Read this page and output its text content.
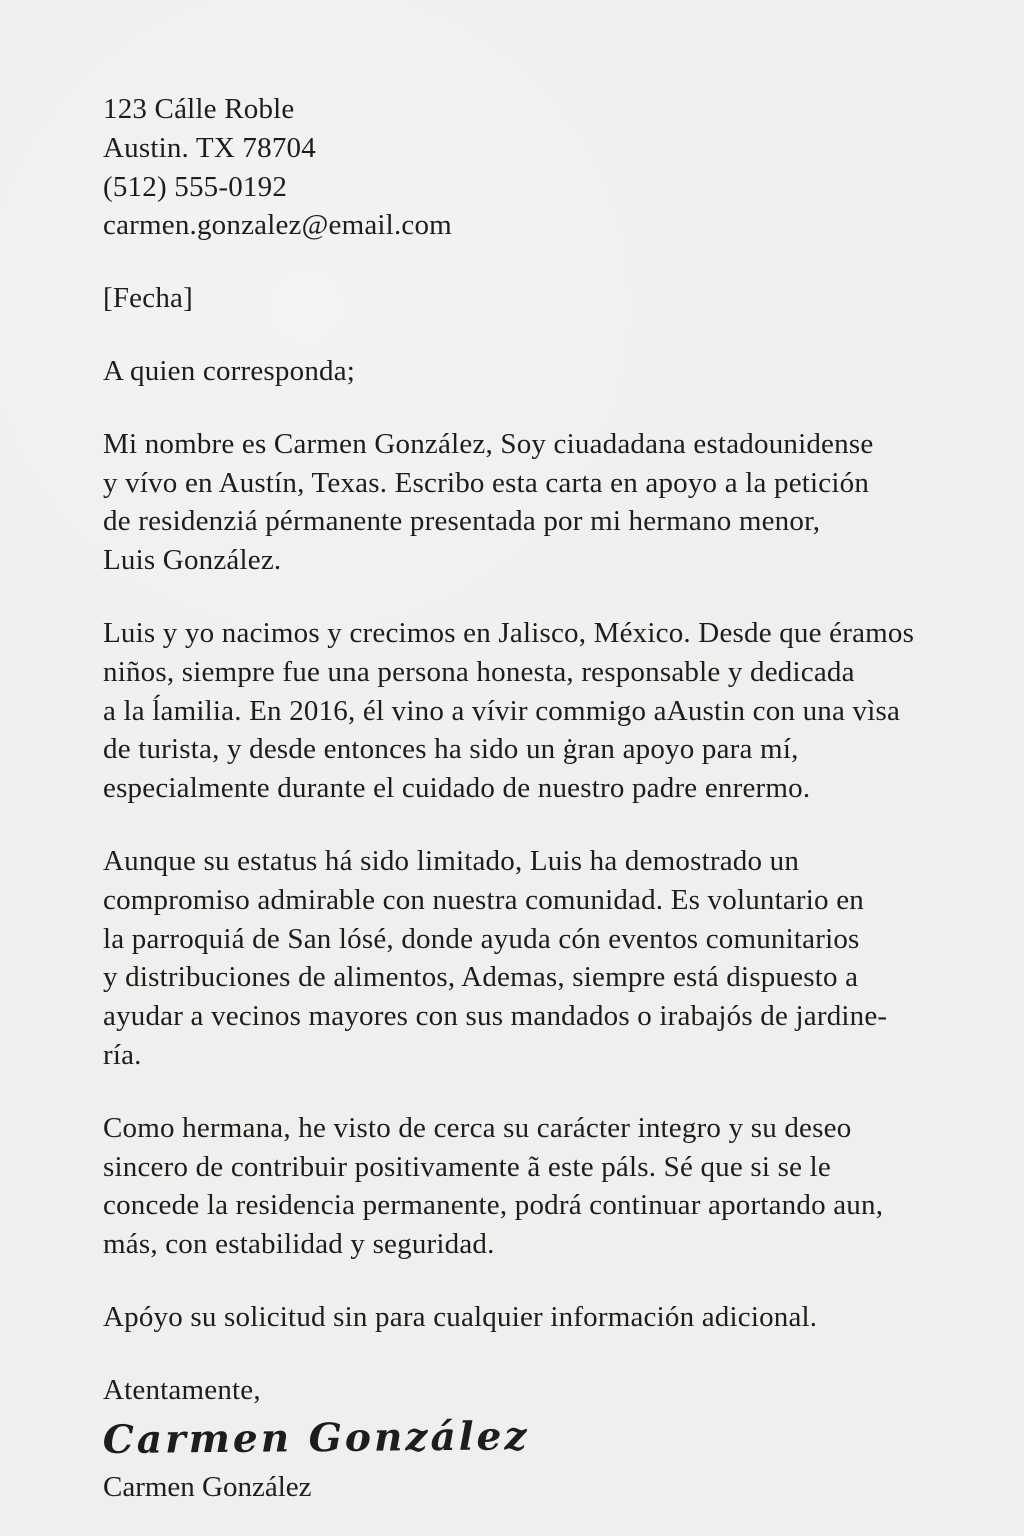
123 Cálle Roble
Austin. TX 78704
(512) 555-0192
carmen.gonzalez@email.com
[Fecha]
A quien corresponda;
Mi nombre es Carmen González, Soy ciuadadana estadounidense
y vívo en Austín, Texas. Escribo esta carta en apoyo a la petición
de residenziá pérmanente presentada por mi hermano menor,
Luis González.
Luis y yo nacimos y crecimos en Jalisco, México. Desde que éramos
niños, siempre fue una persona honesta, responsable y dedicada
a la ĺamilia. En 2016, él vino a vívir commigo aAustin con una vìsa
de turista, y desde entonces ha sido un ġran apoyo para mí,
especialmente durante el cuidado de nuestro padre enrermo.
Aunque su estatus há sido limitado, Luis ha demostrado un
compromiso admirable con nuestra comunidad. Es voluntario en
la parroquiá de San lósé, donde ayuda cón eventos comunitarios
y distribuciones de alimentos, Ademas, siempre está dispuesto a
ayudar a vecinos mayores con sus mandados o irabajós de jardine-
ría.
Como hermana, he visto de cerca su carácter integro y su deseo
sincero de contribuir positivamente ã este páls. Sé que si se le
concede la residencia permanente, podrá continuar aportando aun,
más, con estabilidad y seguridad.
Apóyo su solicitud sin para cualquier información adicional.
Atentamente,
Carmen González
Carmen González
